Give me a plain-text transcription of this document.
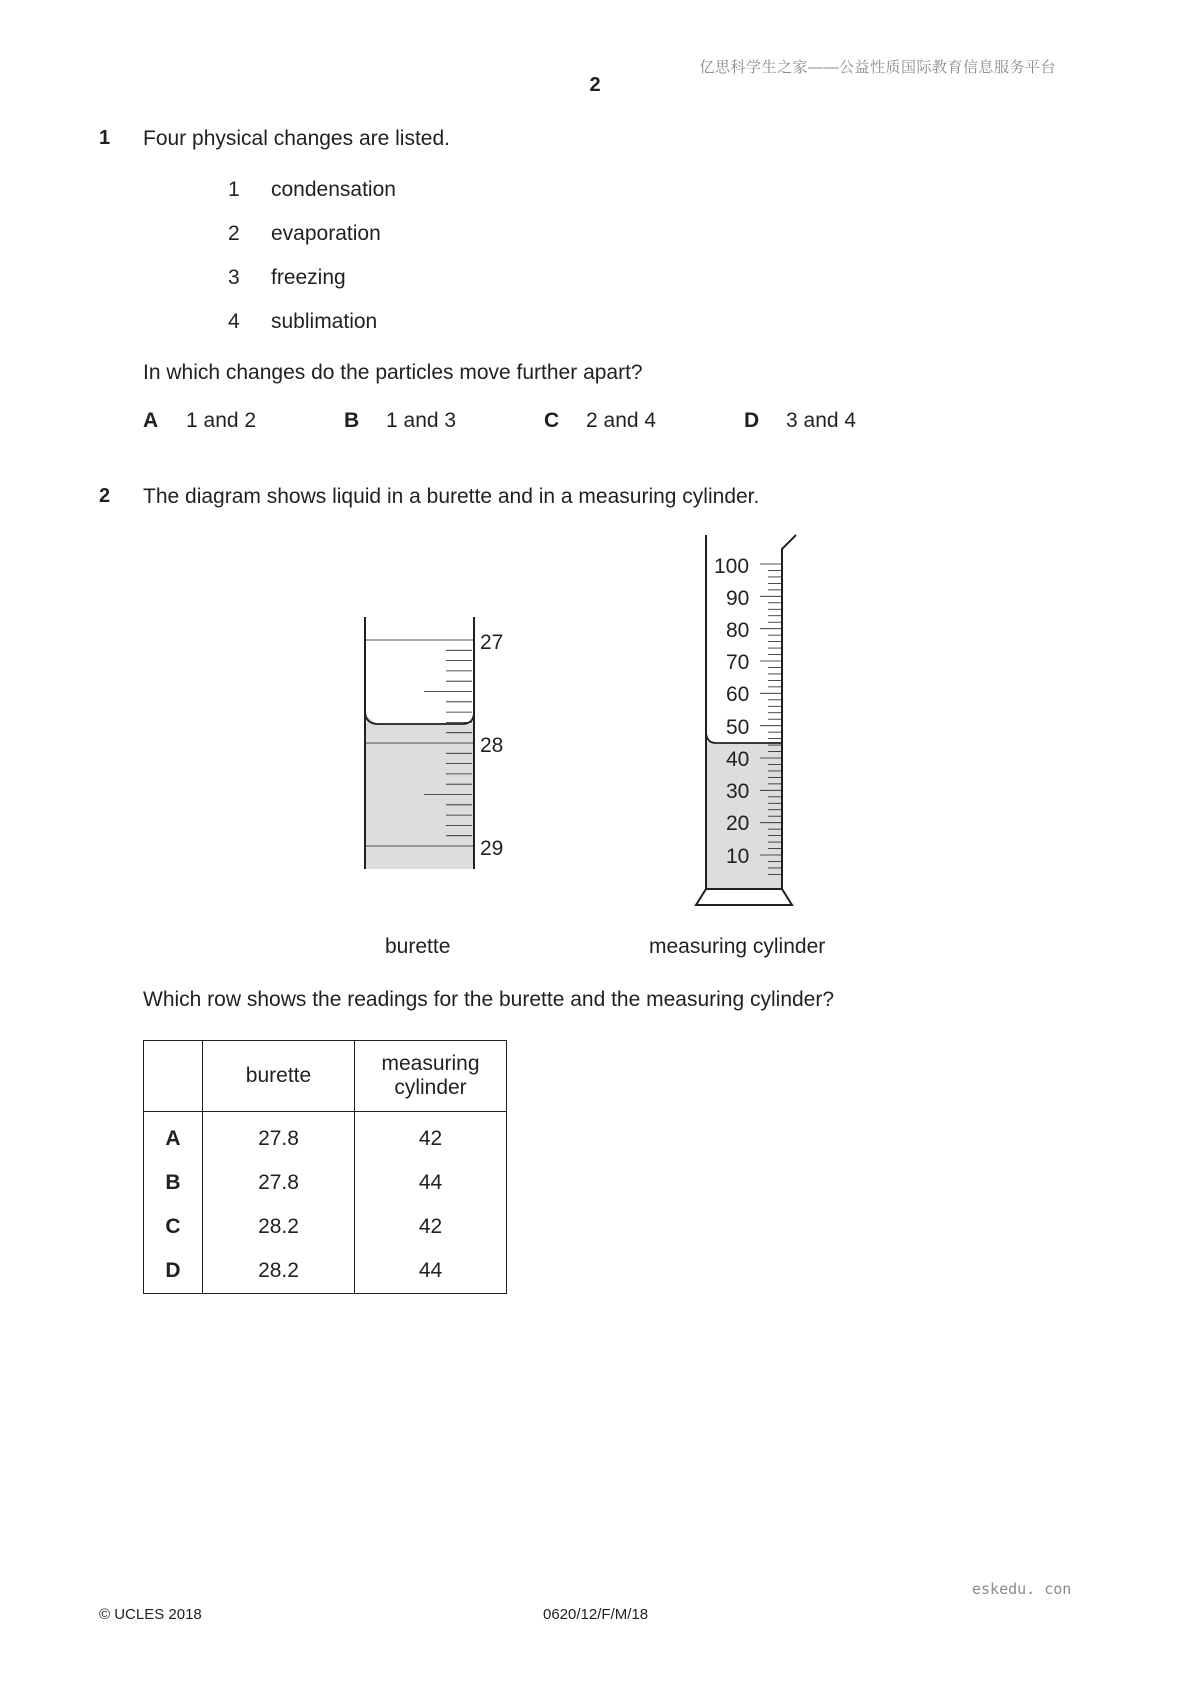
亿思科学生之家——公益性质国际教育信息服务平台
2
1 Four physical changes are listed.
1 condensation
2 evaporation
3 freezing
4 sublimation
In which changes do the particles move further apart?
A 1 and 2	B 1 and 3	C 2 and 4	D 3 and 4
2 The diagram shows liquid in a burette and in a measuring cylinder.
27
28
29
100
90
80
70
60
50
40
30
20
10
burette	measuring cylinder
Which row shows the readings for the burette and the measuring cylinder?
	burette	measuring cylinder
A	27.8	42
B	27.8	44
C	28.2	42
D	28.2	44
eskedu. con
© UCLES 2018	0620/12/F/M/18
